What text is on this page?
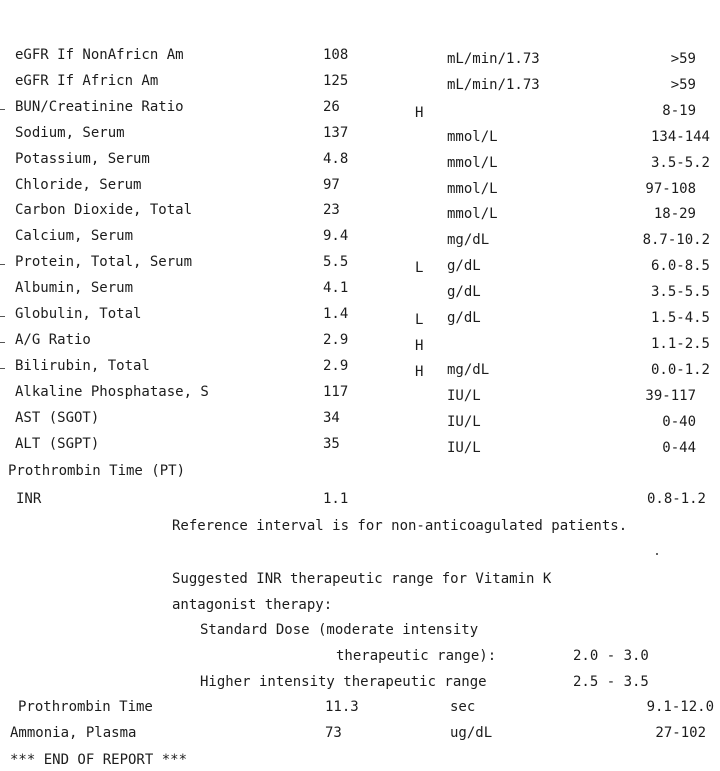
eGFR If NonAfricn Am	108	mL/min/1.73	>59
eGFR If Africn Am	125	mL/min/1.73	>59
BUN/Creatinine Ratio	26	H	8-19
Sodium, Serum	137	mmol/L	134-144
Potassium, Serum	4.8	mmol/L	3.5-5.2
Chloride, Serum	97	mmol/L	97-108
Carbon Dioxide, Total	23	mmol/L	18-29
Calcium, Serum	9.4	mg/dL	8.7-10.2
Protein, Total, Serum	5.5	L g/dL	6.0-8.5
Albumin, Serum	4.1	g/dL	3.5-5.5
Globulin, Total	1.4	L g/dL	1.5-4.5
A/G Ratio	2.9	H	1.1-2.5
Bilirubin, Total	2.9	H mg/dL	0.0-1.2
Alkaline Phosphatase, S	117	IU/L	39-117
AST (SGOT)	34	IU/L	0-40
ALT (SGPT)	35	IU/L	0-44
Prothrombin Time (PT)
INR	1.1	0.8-1.2
Reference interval is for non-anticoagulated patients.
Suggested INR therapeutic range for Vitamin K
antagonist therapy:
Standard Dose (moderate intensity
therapeutic range):	2.0 - 3.0
Higher intensity therapeutic range	2.5 - 3.5
Prothrombin Time	11.3	sec	9.1-12.0
Ammonia, Plasma	73	ug/dL	27-102
*** END OF REPORT ***
